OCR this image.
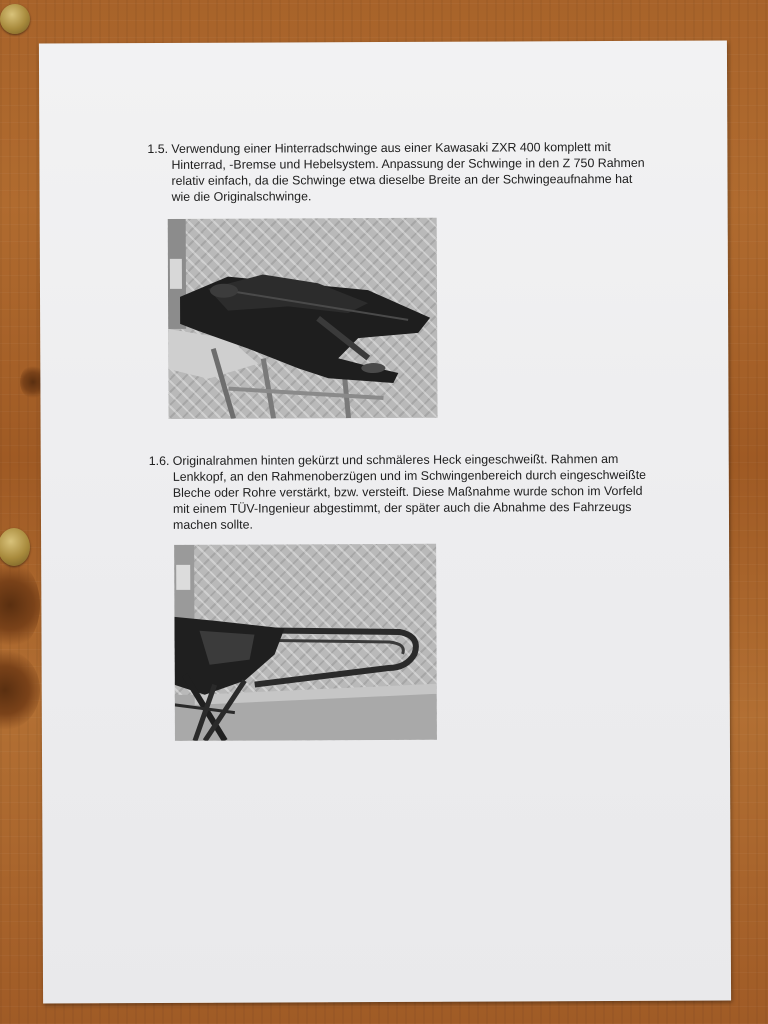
1.5. Verwendung einer Hinterradschwinge aus einer Kawasaki ZXR 400 komplett mit Hinterrad, -Bremse und Hebelsystem. Anpassung der Schwinge in den Z 750 Rahmen relativ einfach, da die Schwinge etwa dieselbe Breite an der Schwingeaufnahme hat wie die Originalschwinge.
1.6. Originalrahmen hinten gekürzt und schmäleres Heck eingeschweißt. Rahmen am Lenkkopf, an den Rahmenoberzügen und im Schwingenbereich durch eingeschweißte Bleche oder Rohre verstärkt, bzw. versteift. Diese Maßnahme wurde schon im Vorfeld mit einem TÜV-Ingenieur abgestimmt, der später auch die Abnahme des Fahrzeugs machen sollte.
